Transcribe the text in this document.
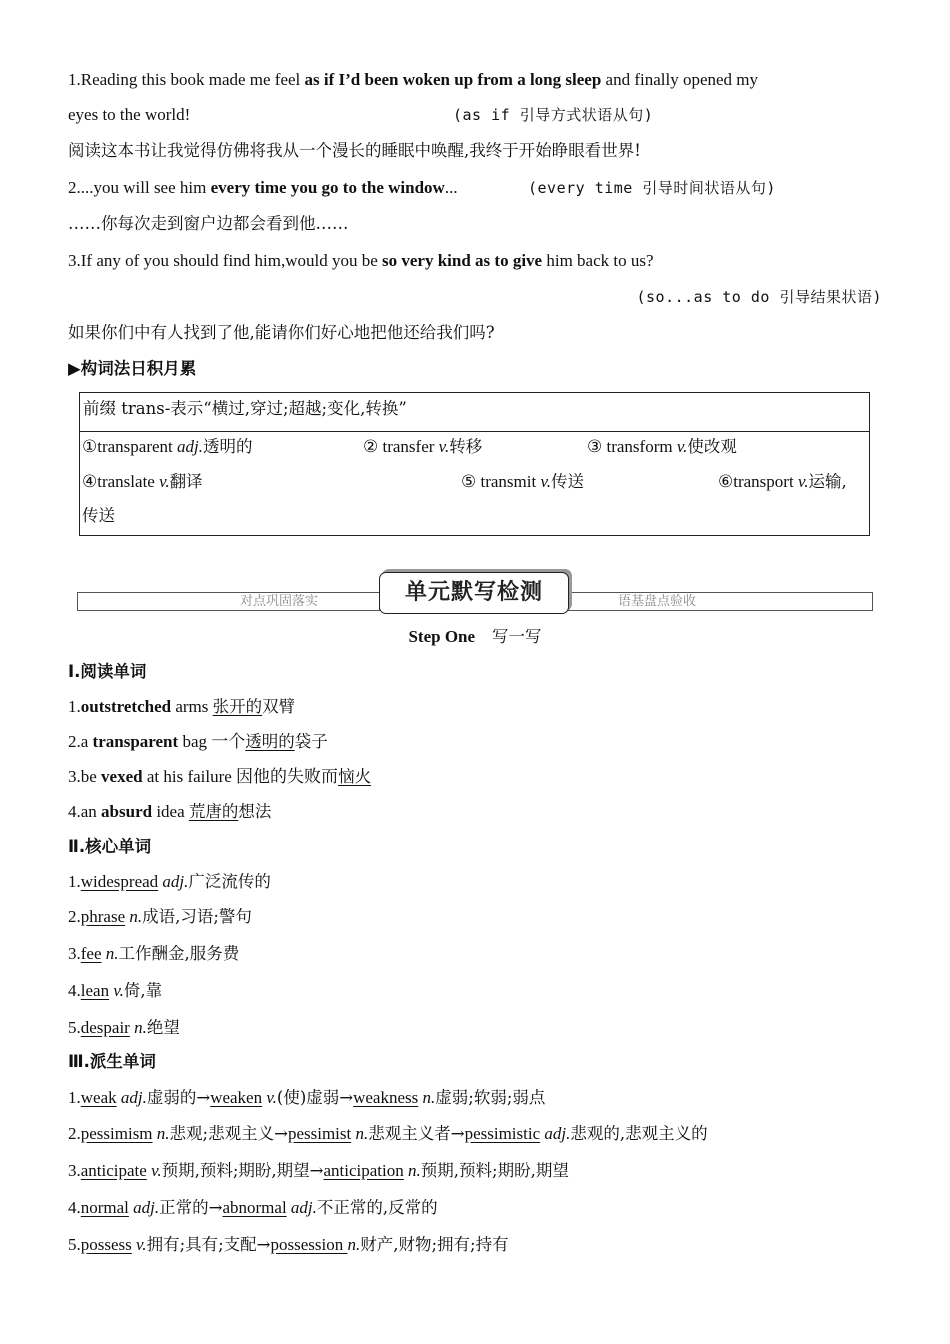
1.Reading this book made me feel as if I’d been woken up from a long sleep and finally opened my
eyes to the world!	(as if 引导方式状语从句)
阅读这本书让我觉得仿佛将我从一个漫长的睡眠中唤醒,我终于开始睁眼看世界!
2....you will see him every time you go to the window...	(every time 引导时间状语从句)
……你每次走到窗户边都会看到他……
3.If any of you should find him,would you be so very kind as to give him back to us?
(so...as to do 引导结果状语)
如果你们中有人找到了他,能请你们好心地把他还给我们吗?
▶构词法日积月累
前缀 trans-表示“横过,穿过;超越;变化,转换”
①transparent adj.透明的	② transfer v.转移	③ transform v.使改观
④translate v.翻译	⑤ transmit v.传送	⑥transport v.运输,
传送
对点巩固落实	语基盘点验收
单元默写检测
Step One 写一写
Ⅰ.阅读单词
1.outstretched arms 张开的双臂
2.a transparent bag 一个透明的袋子
3.be vexed at his failure 因他的失败而恼火
4.an absurd idea 荒唐的想法
Ⅱ.核心单词
1.widespread adj.广泛流传的
2.phrase n.成语,习语;警句
3.fee n.工作酬金,服务费
4.lean v.倚,靠
5.despair n.绝望
Ⅲ.派生单词
1.weak adj.虚弱的→weaken v.(使)虚弱→weakness n.虚弱;软弱;弱点
2.pessimism n.悲观;悲观主义→pessimist n.悲观主义者→pessimistic adj.悲观的,悲观主义的
3.anticipate v.预期,预料;期盼,期望→anticipation n.预期,预料;期盼,期望
4.normal adj.正常的→abnormal adj.不正常的,反常的
5.possess v.拥有;具有;支配→possession n.财产,财物;拥有;持有
